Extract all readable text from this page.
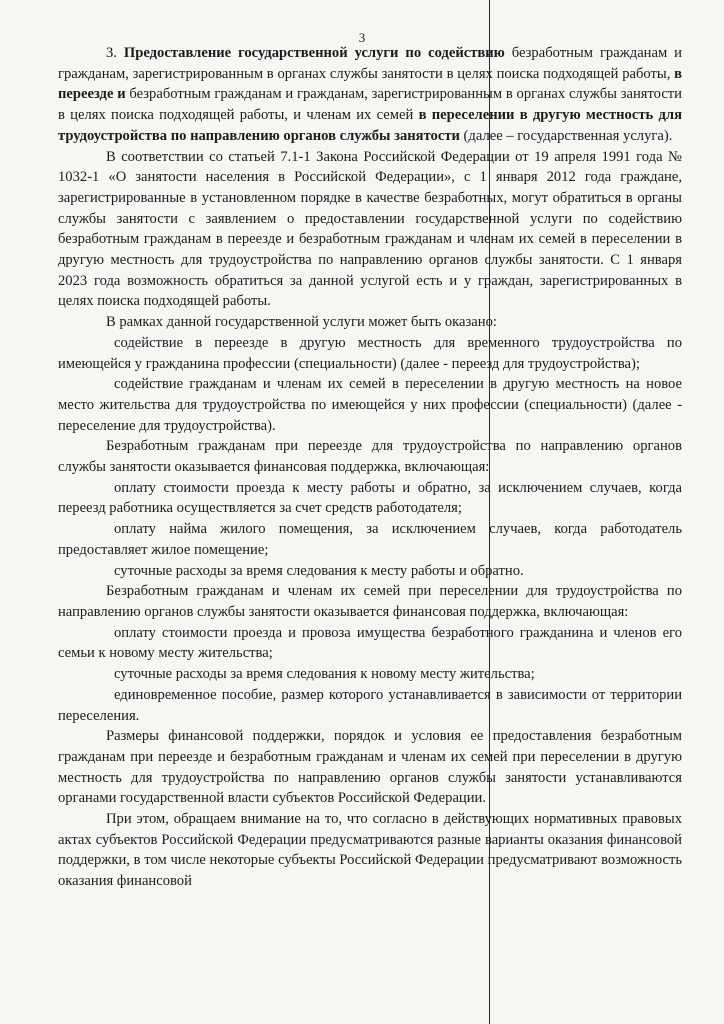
3

3. Предоставление государственной услуги по содействию безработным гражданам и гражданам, зарегистрированным в органах службы занятости в целях поиска подходящей работы, в переезде и безработным гражданам и гражданам, зарегистрированным в органах службы занятости в целях поиска подходящей работы, и членам их семей в переселении в другую местность для трудоустройства по направлению органов службы занятости (далее – государственная услуга).

В соответствии со статьей 7.1-1 Закона Российской Федерации от 19 апреля 1991 года № 1032-1 «О занятости населения в Российской Федерации», с 1 января 2012 года граждане, зарегистрированные в установленном порядке в качестве безработных, могут обратиться в органы службы занятости с заявлением о предоставлении государственной услуги по содействию безработным гражданам в переезде и безработным гражданам и членам их семей в переселении в другую местность для трудоустройства по направлению органов службы занятости. С 1 января 2023 года возможность обратиться за данной услугой есть и у граждан, зарегистрированных в целях поиска подходящей работы.

В рамках данной государственной услуги может быть оказано:

содействие в переезде в другую местность для временного трудоустройства по имеющейся у гражданина профессии (специальности) (далее - переезд для трудоустройства);

содействие гражданам и членам их семей в переселении в другую местность на новое место жительства для трудоустройства по имеющейся у них профессии (специальности) (далее - переселение для трудоустройства).

Безработным гражданам при переезде для трудоустройства по направлению органов службы занятости оказывается финансовая поддержка, включающая:

оплату стоимости проезда к месту работы и обратно, за исключением случаев, когда переезд работника осуществляется за счет средств работодателя;

оплату найма жилого помещения, за исключением случаев, когда работодатель предоставляет жилое помещение;

суточные расходы за время следования к месту работы и обратно.

Безработным гражданам и членам их семей при переселении для трудоустройства по направлению органов службы занятости оказывается финансовая поддержка, включающая:

оплату стоимости проезда и провоза имущества безработного гражданина и членов его семьи к новому месту жительства;

суточные расходы за время следования к новому месту жительства;

единовременное пособие, размер которого устанавливается в зависимости от территории переселения.

Размеры финансовой поддержки, порядок и условия ее предоставления безработным гражданам при переезде и безработным гражданам и членам их семей при переселении в другую местность для трудоустройства по направлению органов службы занятости устанавливаются органами государственной власти субъектов Российской Федерации.

При этом, обращаем внимание на то, что согласно в действующих нормативных правовых актах субъектов Российской Федерации предусматриваются разные варианты оказания финансовой поддержки, в том числе некоторые субъекты Российской Федерации предусматривают возможность оказания финансовой
